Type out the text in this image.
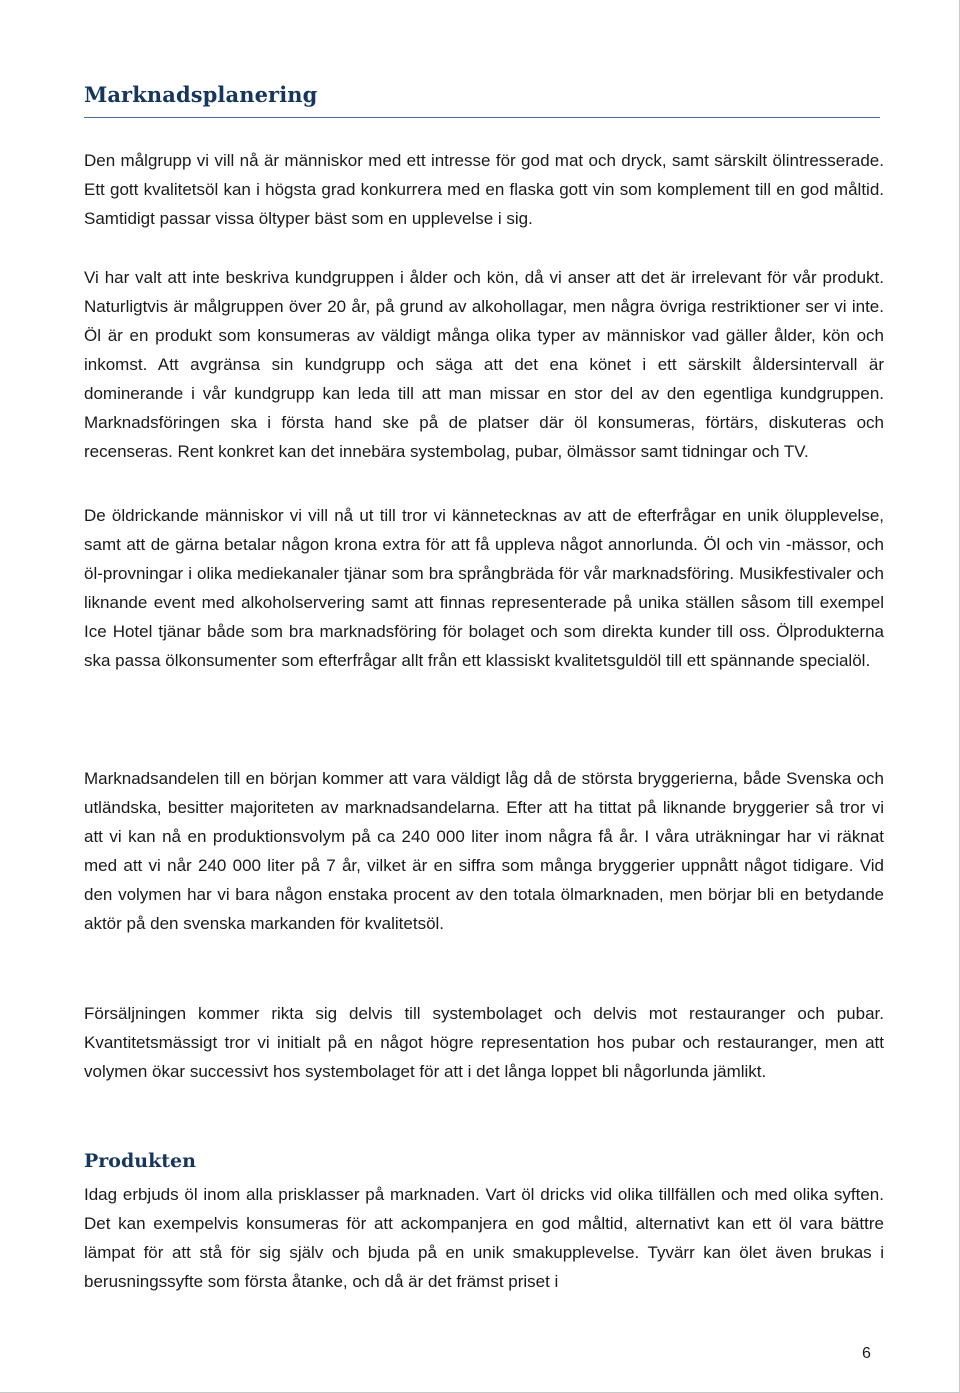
Marknadsplanering

Den målgrupp vi vill nå är människor med ett intresse för god mat och dryck, samt särskilt ölintresserade. Ett gott kvalitetsöl kan i högsta grad konkurrera med en flaska gott vin som komplement till en god måltid. Samtidigt passar vissa öltyper bäst som en upplevelse i sig.

Vi har valt att inte beskriva kundgruppen i ålder och kön, då vi anser att det är irrelevant för vår produkt. Naturligtvis är målgruppen över 20 år, på grund av alkohollagar, men några övriga restriktioner ser vi inte. Öl är en produkt som konsumeras av väldigt många olika typer av människor vad gäller ålder, kön och inkomst. Att avgränsa sin kundgrupp och säga att det ena könet i ett särskilt åldersintervall är dominerande i vår kundgrupp kan leda till att man missar en stor del av den egentliga kundgruppen. Marknadsföringen ska i första hand ske på de platser där öl konsumeras, förtärs, diskuteras och recenseras. Rent konkret kan det innebära systembolag, pubar, ölmässor samt tidningar och TV.

De öldrickande människor vi vill nå ut till tror vi kännetecknas av att de efterfrågar en unik ölupplevelse, samt att de gärna betalar någon krona extra för att få uppleva något annorlunda. Öl och vin -mässor, och öl-provningar i olika mediekanaler tjänar som bra språngbräda för vår marknadsföring. Musikfestivaler och liknande event med alkoholservering samt att finnas representerade på unika ställen såsom till exempel Ice Hotel tjänar både som bra marknadsföring för bolaget och som direkta kunder till oss. Ölprodukterna ska passa ölkonsumenter som efterfrågar allt från ett klassiskt kvalitetsguldöl till ett spännande specialöl.

Marknadsandelen till en början kommer att vara väldigt låg då de största bryggerierna, både Svenska och utländska, besitter majoriteten av marknadsandelarna. Efter att ha tittat på liknande bryggerier så tror vi att vi kan nå en produktionsvolym på ca 240 000 liter inom några få år. I våra uträkningar har vi räknat med att vi når 240 000 liter på 7 år, vilket är en siffra som många bryggerier uppnått något tidigare. Vid den volymen har vi bara någon enstaka procent av den totala ölmarknaden, men börjar bli en betydande aktör på den svenska markanden för kvalitetsöl.

Försäljningen kommer rikta sig delvis till systembolaget och delvis mot restauranger och pubar. Kvantitetsmässigt tror vi initialt på en något högre representation hos pubar och restauranger, men att volymen ökar successivt hos systembolaget för att i det långa loppet bli någorlunda jämlikt.

Produkten

Idag erbjuds öl inom alla prisklasser på marknaden. Vart öl dricks vid olika tillfällen och med olika syften. Det kan exempelvis konsumeras för att ackompanjera en god måltid, alternativt kan ett öl vara bättre lämpat för att stå för sig själv och bjuda på en unik smakupplevelse. Tyvärr kan ölet även brukas i berusningssyfte som första åtanke, och då är det främst priset i

6
